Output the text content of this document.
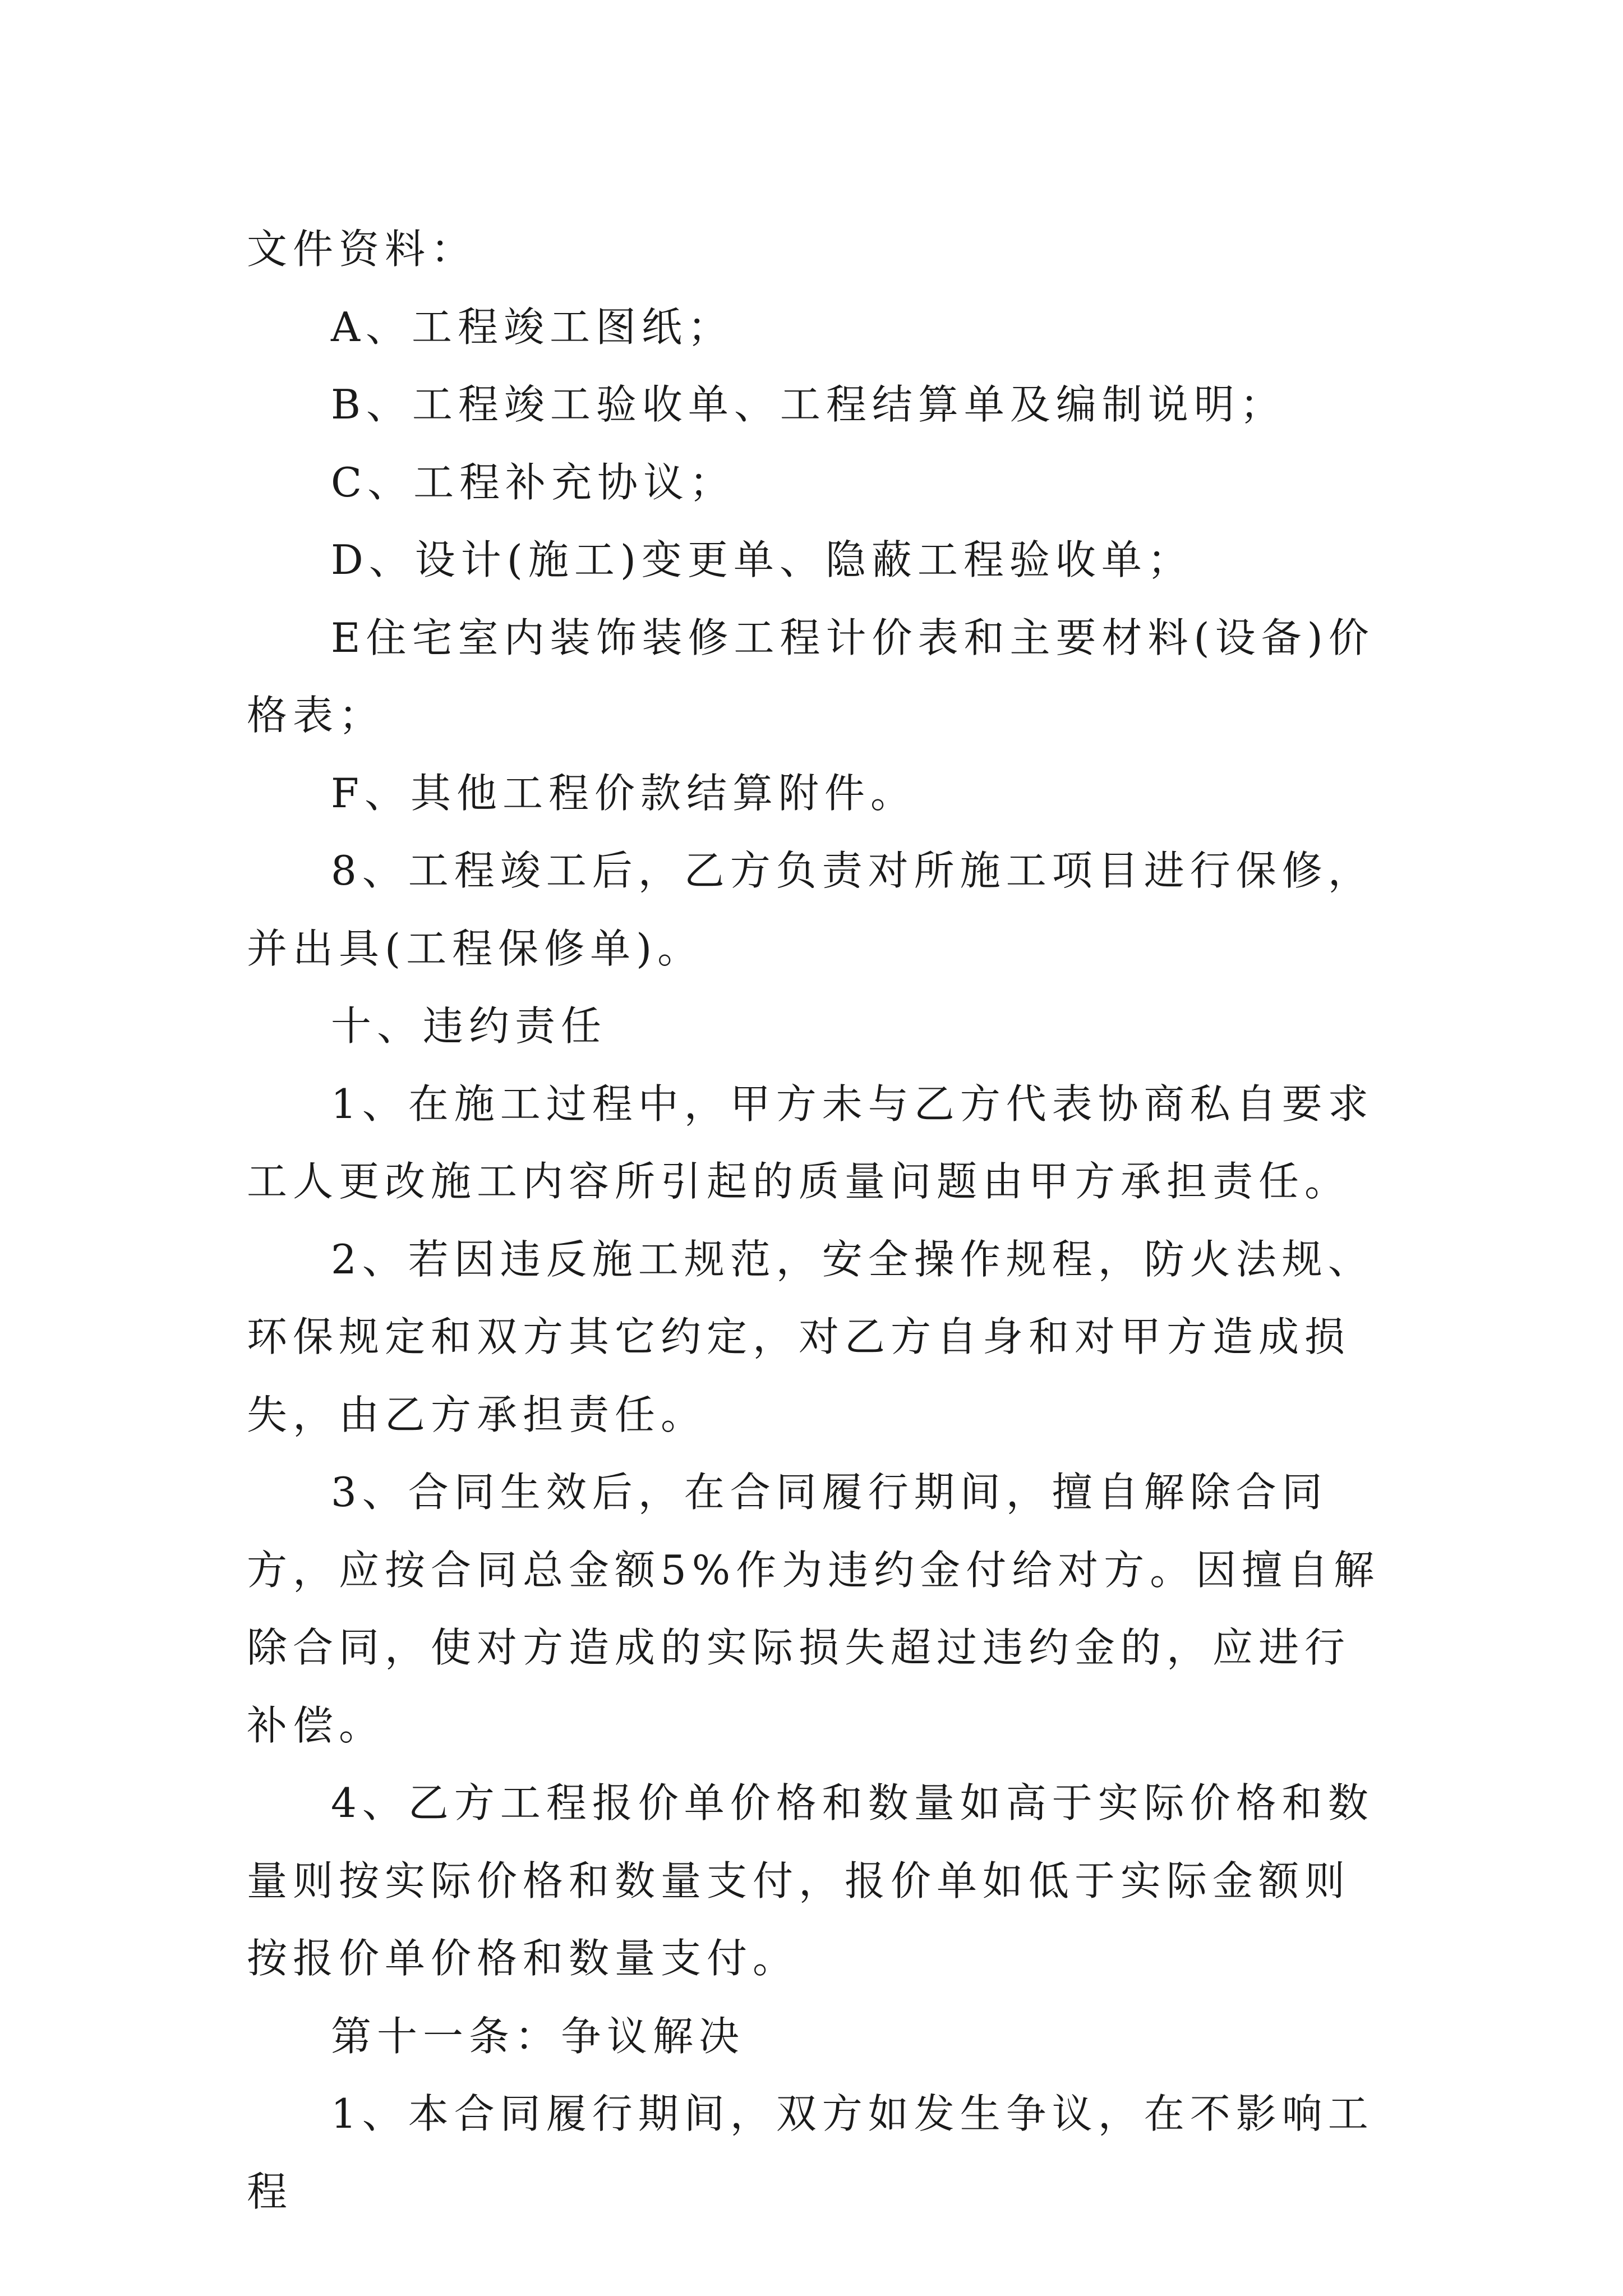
文件资料：

A、工程竣工图纸；

B、工程竣工验收单、工程结算单及编制说明；

C、工程补充协议；

D、设计(施工)变更单、隐蔽工程验收单；

E住宅室内装饰装修工程计价表和主要材料(设备)价格表；

F、其他工程价款结算附件。

8、工程竣工后，乙方负责对所施工项目进行保修，并出具(工程保修单)。

十、违约责任

1、在施工过程中，甲方未与乙方代表协商私自要求工人更改施工内容所引起的质量问题由甲方承担责任。

2、若因违反施工规范，安全操作规程，防火法规、环保规定和双方其它约定，对乙方自身和对甲方造成损失，由乙方承担责任。

3、合同生效后，在合同履行期间，擅自解除合同方，应按合同总金额5%作为违约金付给对方。因擅自解除合同，使对方造成的实际损失超过违约金的，应进行补偿。

4、乙方工程报价单价格和数量如高于实际价格和数量则按实际价格和数量支付，报价单如低于实际金额则按报价单价格和数量支付。

第十一条：争议解决

1、本合同履行期间，双方如发生争议，在不影响工程
